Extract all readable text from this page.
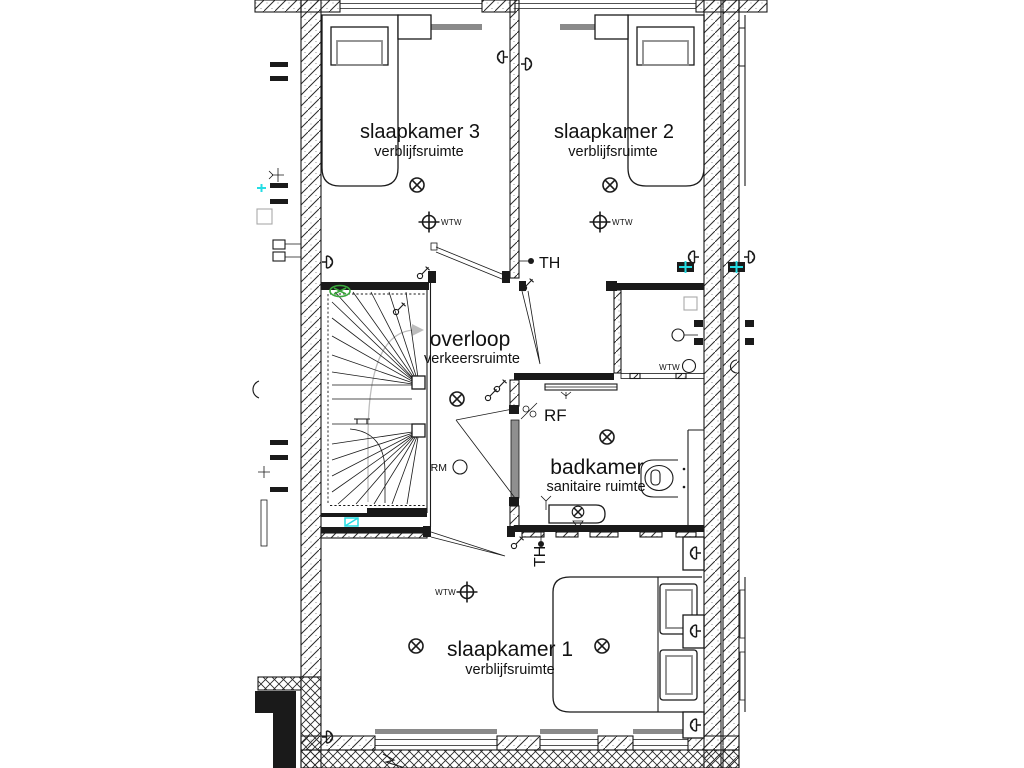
slaapkamer 3
verblijfsruimte
slaapkamer 2
verblijfsruimte
overloop
verkeersruimte
badkamer
sanitaire ruimte
slaapkamer 1
verblijfsruimte
TH
TH
RF
RM
WTW	WTW
WTW
WTW
